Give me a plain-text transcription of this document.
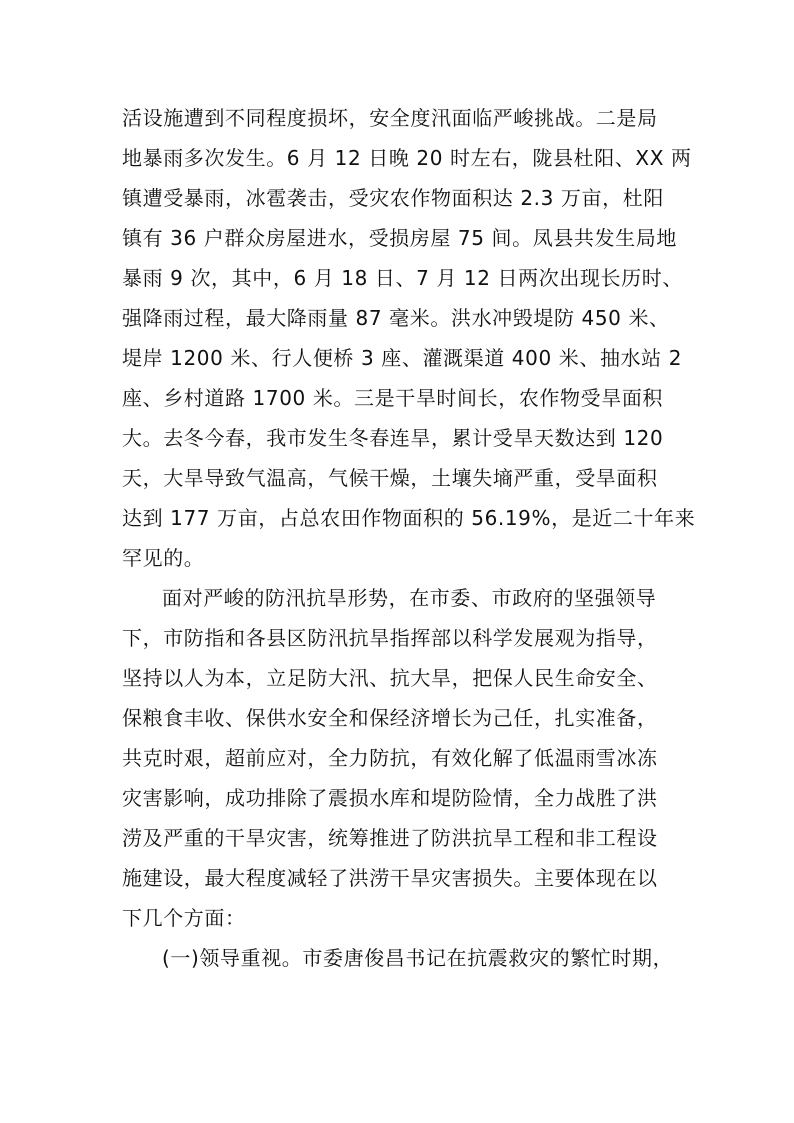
活设施遭到不同程度损坏，安全度汛面临严峻挑战。二是局
地暴雨多次发生。6 月 12 日晚 20 时左右，陇县杜阳、XX 两
镇遭受暴雨，冰雹袭击，受灾农作物面积达 2.3 万亩，杜阳
镇有 36 户群众房屋进水，受损房屋 75 间。凤县共发生局地
暴雨 9 次，其中，6 月 18 日、7 月 12 日两次出现长历时、
强降雨过程，最大降雨量 87 毫米。洪水冲毁堤防 450 米、
堤岸 1200 米、行人便桥 3 座、灌溉渠道 400 米、抽水站 2
座、乡村道路 1700 米。三是干旱时间长，农作物受旱面积
大。去冬今春，我市发生冬春连旱，累计受旱天数达到 120
天，大旱导致气温高，气候干燥，土壤失墒严重，受旱面积
达到 177 万亩，占总农田作物面积的 56.19%，是近二十年来
罕见的。
面对严峻的防汛抗旱形势，在市委、市政府的坚强领导
下，市防指和各县区防汛抗旱指挥部以科学发展观为指导，
坚持以人为本，立足防大汛、抗大旱，把保人民生命安全、
保粮食丰收、保供水安全和保经济增长为己任，扎实准备，
共克时艰，超前应对，全力防抗，有效化解了低温雨雪冰冻
灾害影响，成功排除了震损水库和堤防险情，全力战胜了洪
涝及严重的干旱灾害，统筹推进了防洪抗旱工程和非工程设
施建设，最大程度减轻了洪涝干旱灾害损失。主要体现在以
下几个方面：
(一)领导重视。市委唐俊昌书记在抗震救灾的繁忙时期，
